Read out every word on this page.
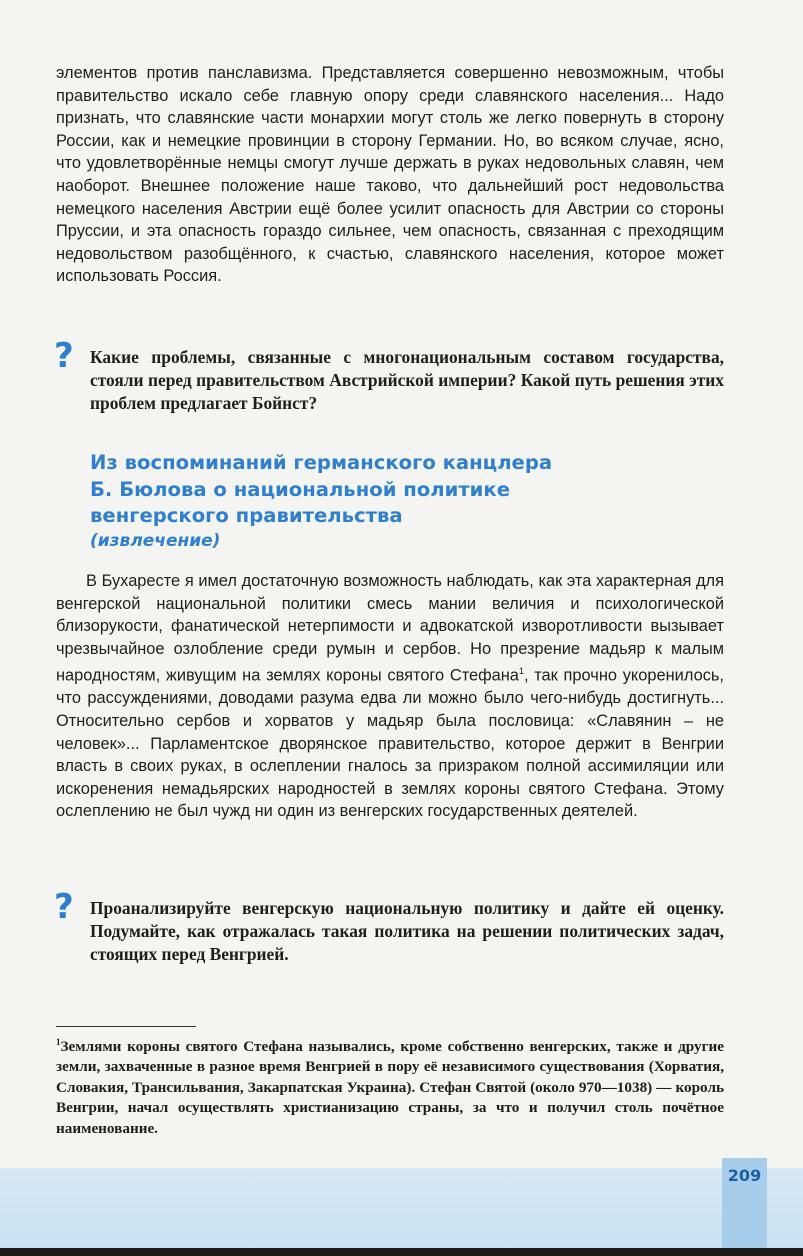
элементов против панславизма. Представляется совершенно невозможным, чтобы правительство искало себе главную опору среди славянского населения... Надо признать, что славянские части монархии могут столь же легко повернуть в сторону России, как и немецкие провинции в сторону Германии. Но, во всяком случае, ясно, что удовлетворённые немцы смогут лучше держать в руках недовольных славян, чем наоборот. Внешнее положение наше таково, что дальнейший рост недовольства немецкого населения Австрии ещё более усилит опасность для Австрии со стороны Пруссии, и эта опасность гораздо сильнее, чем опасность, связанная с преходящим недовольством разобщённого, к счастью, славянского населения, которое может использовать Россия.

? Какие проблемы, связанные с многонациональным составом государства, стояли перед правительством Австрийской империи? Какой путь решения этих проблем предлагает Бойнст?

Из воспоминаний германского канцлера
Б. Бюлова о национальной политике
венгерского правительства
(извлечение)

В Бухаресте я имел достаточную возможность наблюдать, как эта характерная для венгерской национальной политики смесь мании величия и психологической близорукости, фанатической нетерпимости и адвокатской изворотливости вызывает чрезвычайное озлобление среди румын и сербов. Но презрение мадьяр к малым народностям, живущим на землях короны святого Стефана$^1$, так прочно укоренилось, что рассуждениями, доводами разума едва ли можно было чего-нибудь достигнуть... Относительно сербов и хорватов у мадьяр была пословица: «Славянин – не человек»... Парламентское дворянское правительство, которое держит в Венгрии власть в своих руках, в ослеплении гналось за призраком полной ассимиляции или искоренения немадьярских народностей в землях короны святого Стефана. Этому ослеплению не был чужд ни один из венгерских государственных деятелей.

? Проанализируйте венгерскую национальную политику и дайте ей оценку. Подумайте, как отражалась такая политика на решении политических задач, стоящих перед Венгрией.

$^1$Землями короны святого Стефана назывались, кроме собственно венгерских, также и другие земли, захваченные в разное время Венгрией в пору её независимого существования (Хорватия, Словакия, Трансильвания, Закарпатская Украина). Стефан Святой (около 970—1038) — король Венгрии, начал осуществлять христианизацию страны, за что и получил столь почётное наименование.

209
